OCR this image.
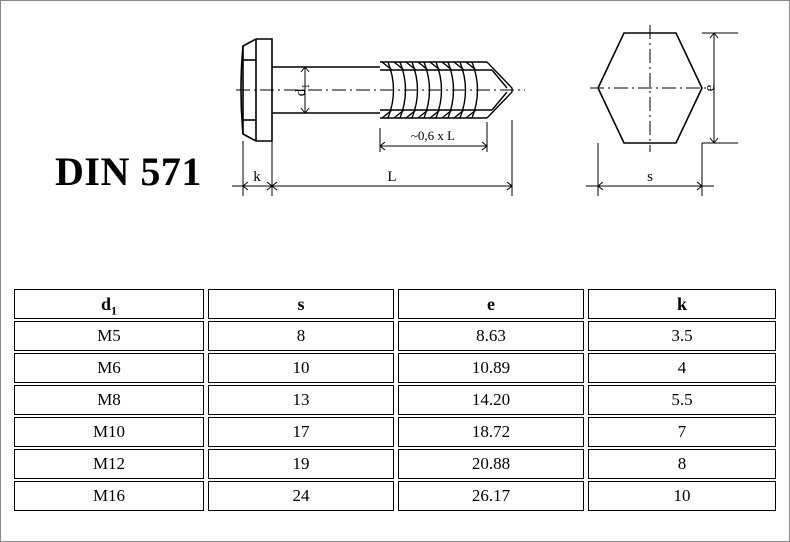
$d_1$
~0,6 x L
k	L	s
e
DIN 571
$d_1$	s	e	k

M5	8	8.63	3.5

M6	10	10.89	4

M8	13	14.20	5.5

M10	17	18.72	7

M12	19	20.88	8

M16	24	26.17	10
